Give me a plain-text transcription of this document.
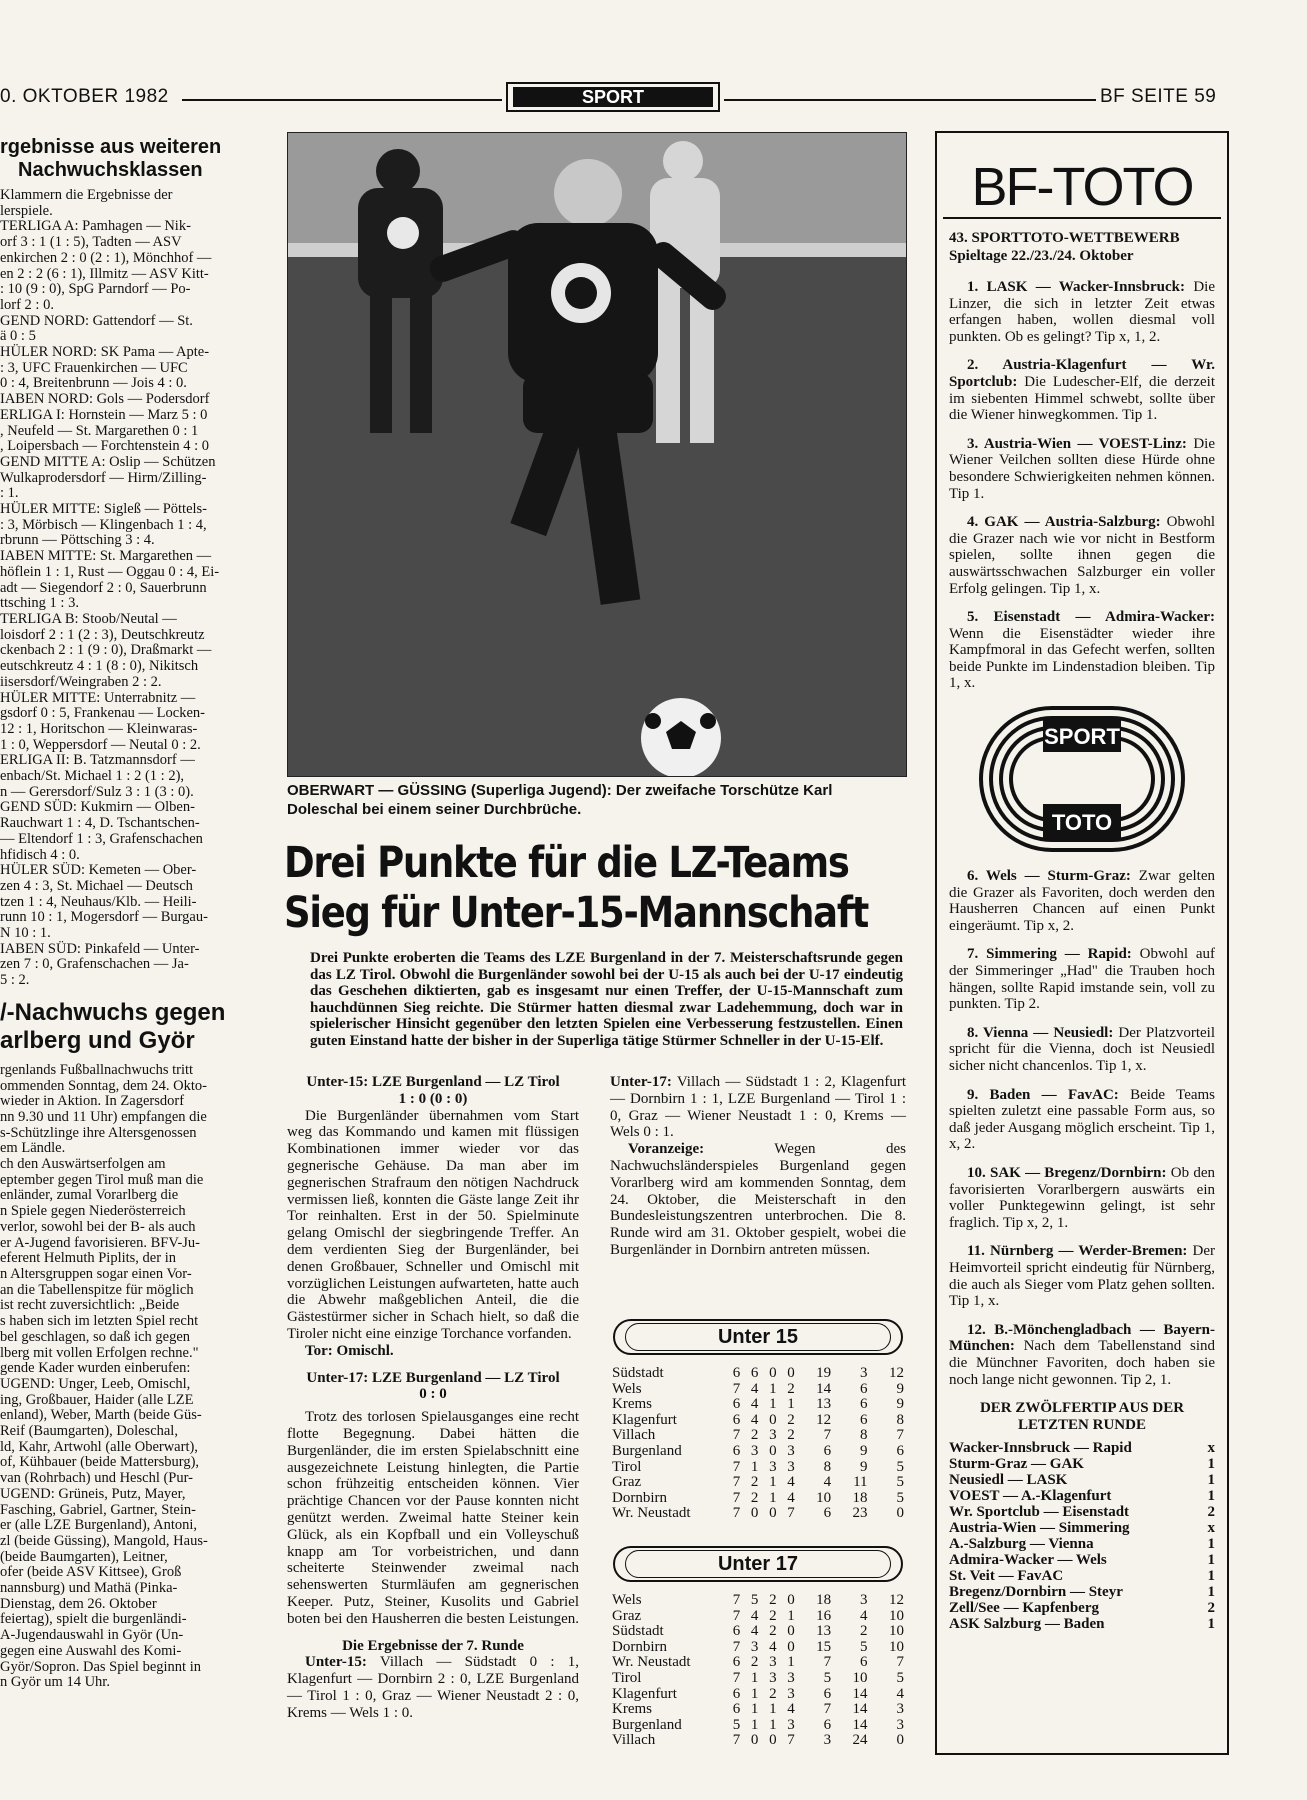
0. OKTOBER 1982	SPORT	BF SEITE 59
rgebnisse aus weiteren
Nachwuchsklassen
Klammern die Ergebnisse der
lerspiele.
TERLIGA A: Pamhagen — Nik-
orf 3 : 1 (1 : 5), Tadten — ASV
enkirchen 2 : 0 (2 : 1), Mönchhof —
en 2 : 2 (6 : 1), Illmitz — ASV Kitt-
: 10 (9 : 0), SpG Parndorf — Po-
lorf 2 : 0.
GEND NORD: Gattendorf — St.
ä 0 : 5
HÜLER NORD: SK Pama — Apte-
: 3, UFC Frauenkirchen — UFC
0 : 4, Breitenbrunn — Jois 4 : 0.
IABEN NORD: Gols — Podersdorf
ERLIGA I: Hornstein — Marz 5 : 0
, Neufeld — St. Margarethen 0 : 1
, Loipersbach — Forchtenstein 4 : 0
GEND MITTE A: Oslip — Schützen
Wulkaprodersdorf — Hirm/Zilling-
: 1.
HÜLER MITTE: Sigleß — Pöttels-
: 3, Mörbisch — Klingenbach 1 : 4,
rbrunn — Pöttsching 3 : 4.
IABEN MITTE: St. Margarethen —
höflein 1 : 1, Rust — Oggau 0 : 4, Ei-
adt — Siegendorf 2 : 0, Sauerbrunn
ttsching 1 : 3.
TERLIGA B: Stoob/Neutal —
loisdorf 2 : 1 (2 : 3), Deutschkreutz
ckenbach 2 : 1 (9 : 0), Draßmarkt —
eutschkreutz 4 : 1 (8 : 0), Nikitsch
iisersdorf/Weingraben 2 : 2.
HÜLER MITTE: Unterrabnitz —
gsdorf 0 : 5, Frankenau — Locken-
12 : 1, Horitschon — Kleinwaras-
1 : 0, Weppersdorf — Neutal 0 : 2.
ERLIGA II: B. Tatzmannsdorf —
enbach/St. Michael 1 : 2 (1 : 2),
n — Gerersdorf/Sulz 3 : 1 (3 : 0).
GEND SÜD: Kukmirn — Olben-
Rauchwart 1 : 4, D. Tschantschen-
— Eltendorf 1 : 3, Grafenschachen
hfidisch 4 : 0.
HÜLER SÜD: Kemeten — Ober-
zen 4 : 3, St. Michael — Deutsch
tzen 1 : 4, Neuhaus/Klb. — Heili-
runn 10 : 1, Mogersdorf — Burgau-
N 10 : 1.
IABEN SÜD: Pinkafeld — Unter-
zen 7 : 0, Grafenschachen — Ja-
5 : 2.
/-Nachwuchs gegen
arlberg und Györ
rgenlands Fußballnachwuchs tritt
ommenden Sonntag, dem 24. Okto-
wieder in Aktion. In Zagersdorf
nn 9.30 und 11 Uhr) empfangen die
s-Schützlinge ihre Altersgenossen
em Ländle.
ch den Auswärtserfolgen am
eptember gegen Tirol muß man die
enländer, zumal Vorarlberg die
n Spiele gegen Niederösterreich
verlor, sowohl bei der B- als auch
er A-Jugend favorisieren. BFV-Ju-
eferent Helmuth Piplits, der in
n Altersgruppen sogar einen Vor-
an die Tabellenspitze für möglich
ist recht zuversichtlich: „Beide
s haben sich im letzten Spiel recht
bel geschlagen, so daß ich gegen
lberg mit vollen Erfolgen rechne."
gende Kader wurden einberufen:
UGEND: Unger, Leeb, Omischl,
ing, Großbauer, Haider (alle LZE
enland), Weber, Marth (beide Güs-
Reif (Baumgarten), Doleschal,
ld, Kahr, Artwohl (alle Oberwart),
of, Kühbauer (beide Mattersburg),
van (Rohrbach) und Heschl (Pur-
UGEND: Grüneis, Putz, Mayer,
Fasching, Gabriel, Gartner, Stein-
er (alle LZE Burgenland), Antoni,
zl (beide Güssing), Mangold, Haus-
(beide Baumgarten), Leitner,
ofer (beide ASV Kittsee), Groß
nannsburg) und Mathä (Pinka-
Dienstag, dem 26. Oktober
feiertag), spielt die burgenländi-
A-Jugendauswahl in Györ (Un-
gegen eine Auswahl des Komi-
Györ/Sopron. Das Spiel beginnt in
n Györ um 14 Uhr.
OBERWART — GÜSSING (Superliga Jugend): Der zweifache Torschütze Karl Doleschal bei einem seiner Durchbrüche.
Drei Punkte für die LZ-Teams
Sieg für Unter-15-Mannschaft
Drei Punkte eroberten die Teams des LZE Burgenland in der 7. Meisterschaftsrunde gegen das LZ Tirol. Obwohl die Burgenländer sowohl bei der U-15 als auch bei der U-17 eindeutig das Geschehen diktierten, gab es insgesamt nur einen Treffer, der U-15-Mannschaft zum hauchdünnen Sieg reichte. Die Stürmer hatten diesmal zwar Ladehemmung, doch war in spielerischer Hinsicht gegenüber den letzten Spielen eine Verbesserung festzustellen. Einen guten Einstand hatte der bisher in der Superliga tätige Stürmer Schneller in der U-15-Elf.
Unter-15: LZE Burgenland — LZ Tirol
1 : 0 (0 : 0)

Die Burgenländer übernahmen vom Start weg das Kommando und kamen mit flüssigen Kombinationen immer wieder vor das gegnerische Gehäuse. Da man aber im gegnerischen Strafraum den nötigen Nachdruck vermissen ließ, konnten die Gäste lange Zeit ihr Tor reinhalten. Erst in der 50. Spielminute gelang Omischl der siegbringende Treffer. An dem verdienten Sieg der Burgenländer, bei denen Großbauer, Schneller und Omischl mit vorzüglichen Leistungen aufwarteten, hatte auch die Abwehr maßgeblichen Anteil, die die Gästestürmer sicher in Schach hielt, so daß die Tiroler nicht eine einzige Torchance vorfanden.

Tor: Omischl.

Unter-17: LZE Burgenland — LZ Tirol
0 : 0

Trotz des torlosen Spielausganges eine recht flotte Begegnung. Dabei hätten die Burgenländer, die im ersten Spielabschnitt eine ausgezeichnete Leistung hinlegten, die Partie schon frühzeitig entscheiden können. Vier prächtige Chancen vor der Pause konnten nicht genützt werden. Zweimal hatte Steiner kein Glück, als ein Kopfball und ein Volleyschuß knapp am Tor vorbeistrichen, und dann scheiterte Steinwender zweimal nach sehenswerten Sturmläufen am gegnerischen Keeper. Putz, Steiner, Kusolits und Gabriel boten bei den Hausherren die besten Leistungen.

Die Ergebnisse der 7. Runde

Unter-15: Villach — Südstadt 0 : 1, Klagenfurt — Dornbirn 2 : 0, LZE Burgenland — Tirol 1 : 0, Graz — Wiener Neustadt 2 : 0, Krems — Wels 1 : 0.

Unter-17: Villach — Südstadt 1 : 2, Klagenfurt — Dornbirn 1 : 1, LZE Burgenland — Tirol 1 : 0, Graz — Wiener Neustadt 1 : 0, Krems — Wels 0 : 1.

Voranzeige:	Wegen des Nachwuchsländerspieles Burgenland gegen Vorarlberg wird am kommenden Sonntag, dem 24. Oktober, die Meisterschaft in den Bundesleistungszentren unterbrochen. Die 8. Runde wird am 31. Oktober gespielt, wobei die Burgenländer in Dornbirn antreten müssen.

Unter 15
Südstadt	6	6	0	0	19	3	12
Wels	7	4	1	2	14	6	9
Krems	6	4	1	1	13	6	9
Klagenfurt	6	4	0	2	12	6	8
Villach	7	2	3	2	7	8	7
Burgenland	6	3	0	3	6	9	6
Tirol	7	1	3	3	8	9	5
Graz	7	2	1	4	4	11	5
Dornbirn	7	2	1	4	10	18	5
Wr. Neustadt	7	0	0	7	6	23	0
Unter 17
Wels	7	5	2	0	18	3	12
Graz	7	4	2	1	16	4	10
Südstadt	6	4	2	0	13	2	10
Dornbirn	7	3	4	0	15	5	10
Wr. Neustadt	6	2	3	1	7	6	7
Tirol	7	1	3	3	5	10	5
Klagenfurt	6	1	2	3	6	14	4
Krems	6	1	1	4	7	14	3
Burgenland	5	1	1	3	6	14	3
Villach	7	0	0	7	3	24	0
BF-TOTO
43. SPORTTOTO-WETTBEWERB
Spieltage 22./23./24. Oktober

1. LASK — Wacker-Innsbruck: Die Linzer, die sich in letzter Zeit etwas erfangen haben, wollen diesmal voll punkten. Ob es gelingt? Tip x, 1, 2.

2. Austria-Klagenfurt — Wr. Sportclub: Die Ludescher-Elf, die derzeit im siebenten Himmel schwebt, sollte über die Wiener hinwegkommen. Tip 1.

3. Austria-Wien — VOEST-Linz: Die Wiener Veilchen sollten diese Hürde ohne besondere Schwierigkeiten nehmen können. Tip 1.

4. GAK — Austria-Salzburg: Obwohl die Grazer nach wie vor nicht in Bestform spielen, sollte ihnen gegen die auswärtsschwachen Salzburger ein voller Erfolg gelingen. Tip 1, x.

5. Eisenstadt — Admira-Wacker: Wenn die Eisenstädter wieder ihre Kampfmoral in das Gefecht werfen, sollten beide Punkte im Lindenstadion bleiben. Tip 1, x.

SPORT
TOTO

6. Wels — Sturm-Graz: Zwar gelten die Grazer als Favoriten, doch werden den Hausherren Chancen auf einen Punkt eingeräumt. Tip x, 2.

7. Simmering — Rapid: Obwohl auf der Simmeringer „Had" die Trauben hoch hängen, sollte Rapid imstande sein, voll zu punkten. Tip 2.

8. Vienna — Neusiedl: Der Platzvorteil spricht für die Vienna, doch ist Neusiedl sicher nicht chancenlos. Tip 1, x.

9. Baden — FavAC: Beide Teams spielten zuletzt eine passable Form aus, so daß jeder Ausgang möglich erscheint. Tip 1, x, 2.

10. SAK — Bregenz/Dornbirn: Ob den favorisierten Vorarlbergern auswärts ein voller Punktegewinn gelingt, ist sehr fraglich. Tip x, 2, 1.

11. Nürnberg — Werder-Bremen: Der Heimvorteil spricht eindeutig für Nürnberg, die auch als Sieger vom Platz gehen sollten. Tip 1, x.

12. B.-Mönchengladbach — Bayern-München: Nach dem Tabellenstand sind die Münchner Favoriten, doch haben sie noch lange nicht gewonnen. Tip 2, 1.

DER ZWÖLFERTIP AUS DER LETZTEN RUNDE
Wacker-Innsbruck — Rapid	x
Sturm-Graz — GAK	1
Neusiedl — LASK	1
VOEST — A.-Klagenfurt	1
Wr. Sportclub — Eisenstadt	2
Austria-Wien — Simmering	x
A.-Salzburg — Vienna	1
Admira-Wacker — Wels	1
St. Veit — FavAC	1
Bregenz/Dornbirn — Steyr	1
Zell/See — Kapfenberg	2
ASK Salzburg — Baden	1
